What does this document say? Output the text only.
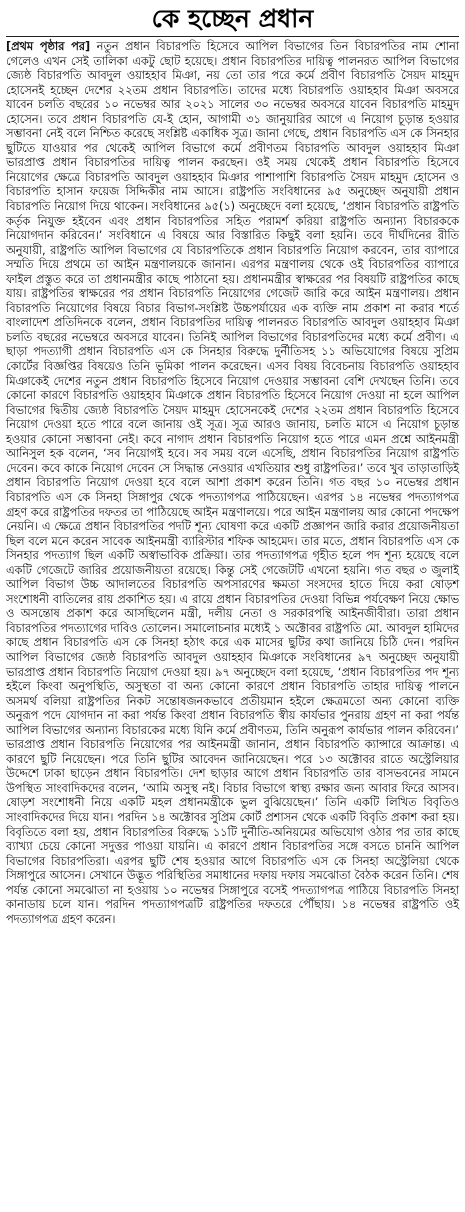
কে হচ্ছেন প্রধান

[প্রথম পৃষ্ঠার পর] নতুন প্রধান বিচারপতি হিসেবে আপিল বিভাগের তিন বিচারপতির নাম শোনা গেলেও এখন সেই তালিকা একটু ছোট হয়েছে। প্রধান বিচারপতির দায়িত্ব পালনরত আপিল বিভাগের জ্যেষ্ঠ বিচারপতি আবদুল ওয়াহহাব মিঞা, নয় তো তার পরে কর্মে প্রবীণ বিচারপতি সৈয়দ মাহমুদ হোসেনই হচ্ছেন দেশের ২২তম প্রধান বিচারপতি। তাদের মধ্যে বিচারপতি ওয়াহহাব মিঞা অবসরে যাবেন চলতি বছরের ১০ নভেম্বর আর ২০২১ সালের ৩০ নভেম্বর অবসরে যাবেন বিচারপতি মাহমুদ হোসেন। তবে প্রধান বিচারপতি যে-ই হোন, আগামী ৩১ জানুয়ারির আগে এ নিয়োগ চূড়ান্ত হওয়ার সম্ভাবনা নেই বলে নিশ্চিত করেছে সংশ্লিষ্ট একাধিক সূত্র। জানা গেছে, প্রধান বিচারপতি এস কে সিনহার ছুটিতে যাওয়ার পর থেকেই আপিল বিভাগে কর্মে প্রবীণতম বিচারপতি আবদুল ওয়াহহাব মিঞা ভারপ্রাপ্ত প্রধান বিচারপতির দায়িত্ব পালন করছেন। ওই সময় থেকেই প্রধান বিচারপতি হিসেবে নিয়োগের ক্ষেত্রে বিচারপতি আবদুল ওয়াহহাব মিঞার পাশাপাশি বিচারপতি সৈয়দ মাহমুদ হোসেন ও বিচারপতি হাসান ফয়েজ সিদ্দিকীর নাম আসে। রাষ্ট্রপতি সংবিধানের ৯৫ অনুচ্ছেদ অনুযায়ী প্রধান বিচারপতি নিয়োগ দিয়ে থাকেন। সংবিধানের ৯৫(১) অনুচ্ছেদে বলা হয়েছে, ‘প্রধান বিচারপতি রাষ্ট্রপতি কর্তৃক নিযুক্ত হইবেন এবং প্রধান বিচারপতির সহিত পরামর্শ করিয়া রাষ্ট্রপতি অন্যান্য বিচারককে নিয়োগদান করিবেন।’ সংবিধানে এ বিষয়ে আর বিস্তারিত কিছুই বলা হয়নি। তবে দীর্ঘদিনের রীতি অনুযায়ী, রাষ্ট্রপতি আপিল বিভাগের যে বিচারপতিকে প্রধান বিচারপতি নিয়োগ করবেন, তার ব্যাপারে সম্মতি দিয়ে প্রথমে তা আইন মন্ত্রণালয়কে জানান। এরপর মন্ত্রণালয় থেকে ওই বিচারপতির ব্যাপারে ফাইল প্রস্তুত করে তা প্রধানমন্ত্রীর কাছে পাঠানো হয়। প্রধানমন্ত্রীর স্বাক্ষরের পর বিষয়টি রাষ্ট্রপতির কাছে যায়। রাষ্ট্রপতির স্বাক্ষরের পর প্রধান বিচারপতি নিয়োগের গেজেট জারি করে আইন মন্ত্রণালয়। প্রধান বিচারপতি নিয়োগের বিষয়ে বিচার বিভাগ-সংশ্লিষ্ট উচ্চপর্যায়ের এক ব্যক্তি নাম প্রকাশ না করার শর্তে বাংলাদেশ প্রতিদিনকে বলেন, প্রধান বিচারপতির দায়িত্ব পালনরত বিচারপতি আবদুল ওয়াহহাব মিঞা চলতি বছরের নভেম্বরে অবসরে যাবেন। তিনিই আপিল বিভাগের বিচারপতিদের মধ্যে কর্মে প্রবীণ। এ ছাড়া পদত্যাগী প্রধান বিচারপতি এস কে সিনহার বিরুদ্ধে দুর্নীতিসহ ১১ অভিযোগের বিষয়ে সুপ্রিম কোর্টের বিজ্ঞপ্তির বিষয়েও তিনি ভূমিকা পালন করেছেন। এসব বিষয় বিবেচনায় বিচারপতি ওয়াহহাব মিঞাকেই দেশের নতুন প্রধান বিচারপতি হিসেবে নিয়োগ দেওয়ার সম্ভাবনা বেশি দেখছেন তিনি। তবে কোনো কারণে বিচারপতি ওয়াহহাব মিঞাকে প্রধান বিচারপতি হিসেবে নিয়োগ দেওয়া না হলে আপিল বিভাগের দ্বিতীয় জ্যেষ্ঠ বিচারপতি সৈয়দ মাহমুদ হোসেনকেই দেশের ২২তম প্রধান বিচারপতি হিসেবে নিয়োগ দেওয়া হতে পারে বলে জানায় ওই সূত্র। সূত্র আরও জানায়, চলতি মাসে এ নিয়োগ চূড়ান্ত হওয়ার কোনো সম্ভাবনা নেই। কবে নাগাদ প্রধান বিচারপতি নিয়োগ হতে পারে এমন প্রশ্নে আইনমন্ত্রী আনিসুল হক বলেন, ‘সব নিয়োগই হবে। সব সময় বলে এসেছি, প্রধান বিচারপতির নিয়োগ রাষ্ট্রপতি দেবেন। কবে কাকে নিয়োগ দেবেন সে সিদ্ধান্ত নেওয়ার এখতিয়ার শুধু রাষ্ট্রপতির।’ তবে খুব তাড়াতাড়িই প্রধান বিচারপতি নিয়োগ দেওয়া হবে বলে আশা প্রকাশ করেন তিনি। গত বছর ১০ নভেম্বর প্রধান বিচারপতি এস কে সিনহা সিঙ্গাপুর থেকে পদত্যাগপত্র পাঠিয়েছেন। এরপর ১৪ নভেম্বর পদত্যাগপত্র গ্রহণ করে রাষ্ট্রপতির দফতর তা পাঠিয়েছে আইন মন্ত্রণালয়ে। পরে আইন মন্ত্রণালয় আর কোনো পদক্ষেপ নেয়নি। এ ক্ষেত্রে প্রধান বিচারপতির পদটি শূন্য ঘোষণা করে একটি প্রজ্ঞাপন জারি করার প্রয়োজনীয়তা ছিল বলে মনে করেন সাবেক আইনমন্ত্রী ব্যারিস্টার শফিক আহমেদ। তার মতে, প্রধান বিচারপতি এস কে সিনহার পদত্যাগ ছিল একটি অস্বাভাবিক প্রক্রিয়া। তার পদত্যাগপত্র গৃহীত হলে পদ শূন্য হয়েছে বলে একটি গেজেটে জারির প্রয়োজনীয়তা রয়েছে। কিন্তু সেই গেজেটটি এখনো হয়নি। গত বছর ৩ জুলাই আপিল বিভাগ উচ্চ আদালতের বিচারপতি অপসারণের ক্ষমতা সংসদের হাতে দিয়ে করা ষোড়শ সংশোধনী বাতিলের রায় প্রকাশিত হয়। এ রায়ে প্রধান বিচারপতির দেওয়া বিভিন্ন পর্যবেক্ষণ নিয়ে ক্ষোভ ও অসন্তোষ প্রকাশ করে আসছিলেন মন্ত্রী, দলীয় নেতা ও সরকারপন্থি আইনজীবীরা। তারা প্রধান বিচারপতির পদত্যাগের দাবিও তোলেন। সমালোচনার মধ্যেই ১ অক্টোবর রাষ্ট্রপতি মো. আবদুল হামিদের কাছে প্রধান বিচারপতি এস কে সিনহা হঠাৎ করে এক মাসের ছুটির কথা জানিয়ে চিঠি দেন। পরদিন আপিল বিভাগের জ্যেষ্ঠ বিচারপতি আবদুল ওয়াহহাব মিঞাকে সংবিধানের ৯৭ অনুচ্ছেদ অনুযায়ী ভারপ্রাপ্ত প্রধান বিচারপতি নিয়োগ দেওয়া হয়। ৯৭ অনুচ্ছেদে বলা হয়েছে, ‘প্রধান বিচারপতির পদ শূন্য হইলে কিংবা অনুপস্থিতি, অসুস্থতা বা অন্য কোনো কারণে প্রধান বিচারপতি তাহার দায়িত্ব পালনে অসমর্থ বলিয়া রাষ্ট্রপতির নিকট সন্তোষজনকভাবে প্রতীয়মান হইলে ক্ষেত্রমতো অন্য কোনো ব্যক্তি অনুরূপ পদে যোগদান না করা পর্যন্ত কিংবা প্রধান বিচারপতি স্বীয় কার্যভার পুনরায় গ্রহণ না করা পর্যন্ত আপিল বিভাগের অন্যান্য বিচারকের মধ্যে যিনি কর্মে প্রবীণতম, তিনি অনুরূপ কার্যভার পালন করিবেন।’ ভারপ্রাপ্ত প্রধান বিচারপতি নিয়োগের পর আইনমন্ত্রী জানান, প্রধান বিচারপতি ক্যান্সারে আক্রান্ত। এ কারণে ছুটি নিয়েছেন। পরে তিনি ছুটির আবেদন জানিয়েছেন। পরে ১৩ অক্টোবর রাতে অস্ট্রেলিয়ার উদ্দেশে ঢাকা ছাড়েন প্রধান বিচারপতি। দেশ ছাড়ার আগে প্রধান বিচারপতি তার বাসভবনের সামনে উপস্থিত সাংবাদিকদের বলেন, ‘আমি অসুস্থ নই। বিচার বিভাগে স্বাস্থ্য রক্ষার জন্য আবার ফিরে আসব। ষোড়শ সংশোধনী নিয়ে একটি মহল প্রধানমন্ত্রীকে ভুল বুঝিয়েছেন।’ তিনি একটি লিখিত বিবৃতিও সাংবাদিকদের দিয়ে যান। পরদিন ১৪ অক্টোবর সুপ্রিম কোর্ট প্রশাসন থেকে একটি বিবৃতি প্রকাশ করা হয়। বিবৃতিতে বলা হয়, প্রধান বিচারপতির বিরুদ্ধে ১১টি দুর্নীতি-অনিয়মের অভিযোগ ওঠার পর তার কাছে ব্যাখ্যা চেয়ে কোনো সদুত্তর পাওয়া যায়নি। এ কারণে প্রধান বিচারপতির সঙ্গে বসতে চাননি আপিল বিভাগের বিচারপতিরা। এরপর ছুটি শেষ হওয়ার আগে বিচারপতি এস কে সিনহা অস্ট্রেলিয়া থেকে সিঙ্গাপুরে আসেন। সেখানে উদ্ভূত পরিস্থিতির সমাধানের দফায় দফায় সমঝোতা বৈঠক করেন তিনি। শেষ পর্যন্ত কোনো সমঝোতা না হওয়ায় ১০ নভেম্বর সিঙ্গাপুরে বসেই পদত্যাগপত্র পাঠিয়ে বিচারপতি সিনহা কানাডায় চলে যান। পরদিন পদত্যাগপত্রটি রাষ্ট্রপতির দফতরে পৌঁছায়। ১৪ নভেম্বর রাষ্ট্রপতি ওই পদত্যাগপত্র গ্রহণ করেন।
